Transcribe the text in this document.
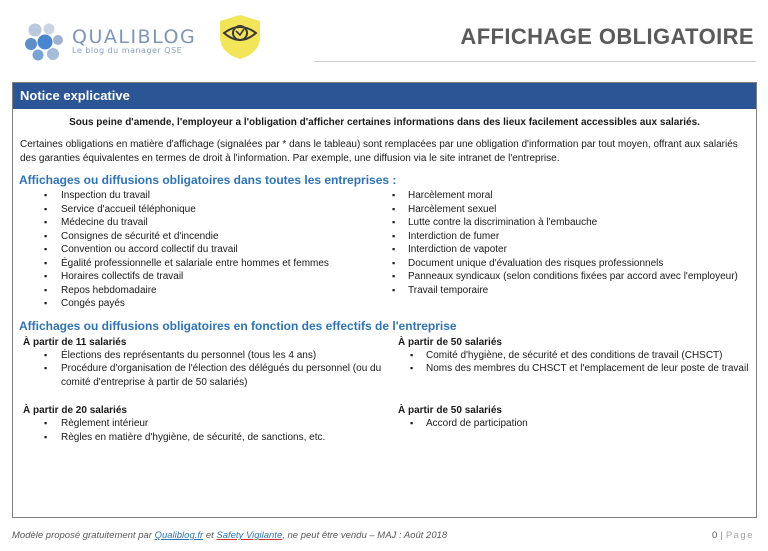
QUALIBLOG
Le blog du manager QSE
AFFICHAGE OBLIGATOIRE
Notice explicative
Sous peine d'amende, l'employeur a l'obligation d'afficher certaines informations dans des lieux facilement accessibles aux salariés.
Certaines obligations en matière d'affichage (signalées par * dans le tableau) sont remplacées par une obligation d'information par tout moyen, offrant aux salariés des garanties équivalentes en termes de droit à l'information. Par exemple, une diffusion via le site intranet de l'entreprise.
Affichages ou diffusions obligatoires dans toutes les entreprises :
▪ Inspection du travail
▪ Service d'accueil téléphonique
▪ Médecine du travail
▪ Consignes de sécurité et d'incendie
▪ Convention ou accord collectif du travail
▪ Égalité professionnelle et salariale entre hommes et femmes
▪ Horaires collectifs de travail
▪ Repos hebdomadaire
▪ Congés payés
▪ Harcèlement moral
▪ Harcèlement sexuel
▪ Lutte contre la discrimination à l'embauche
▪ Interdiction de fumer
▪ Interdiction de vapoter
▪ Document unique d'évaluation des risques professionnels
▪ Panneaux syndicaux (selon conditions fixées par accord avec l'employeur)
▪ Travail temporaire
Affichages ou diffusions obligatoires en fonction des effectifs de l'entreprise
À partir de 11 salariés
▪ Élections des représentants du personnel (tous les 4 ans)
▪ Procédure d'organisation de l'élection des délégués du personnel (ou du comité d'entreprise à partir de 50 salariés)
À partir de 50 salariés
▪ Comité d'hygiène, de sécurité et des conditions de travail (CHSCT)
▪ Noms des membres du CHSCT et l'emplacement de leur poste de travail
À partir de 20 salariés
▪ Règlement intérieur
▪ Règles en matière d'hygiène, de sécurité, de sanctions, etc.
À partir de 50 salariés
▪ Accord de participation
Modèle proposé gratuitement par Qualiblog.fr et Safety Vigilante, ne peut être vendu – MAJ : Août 2018	0 | Page
